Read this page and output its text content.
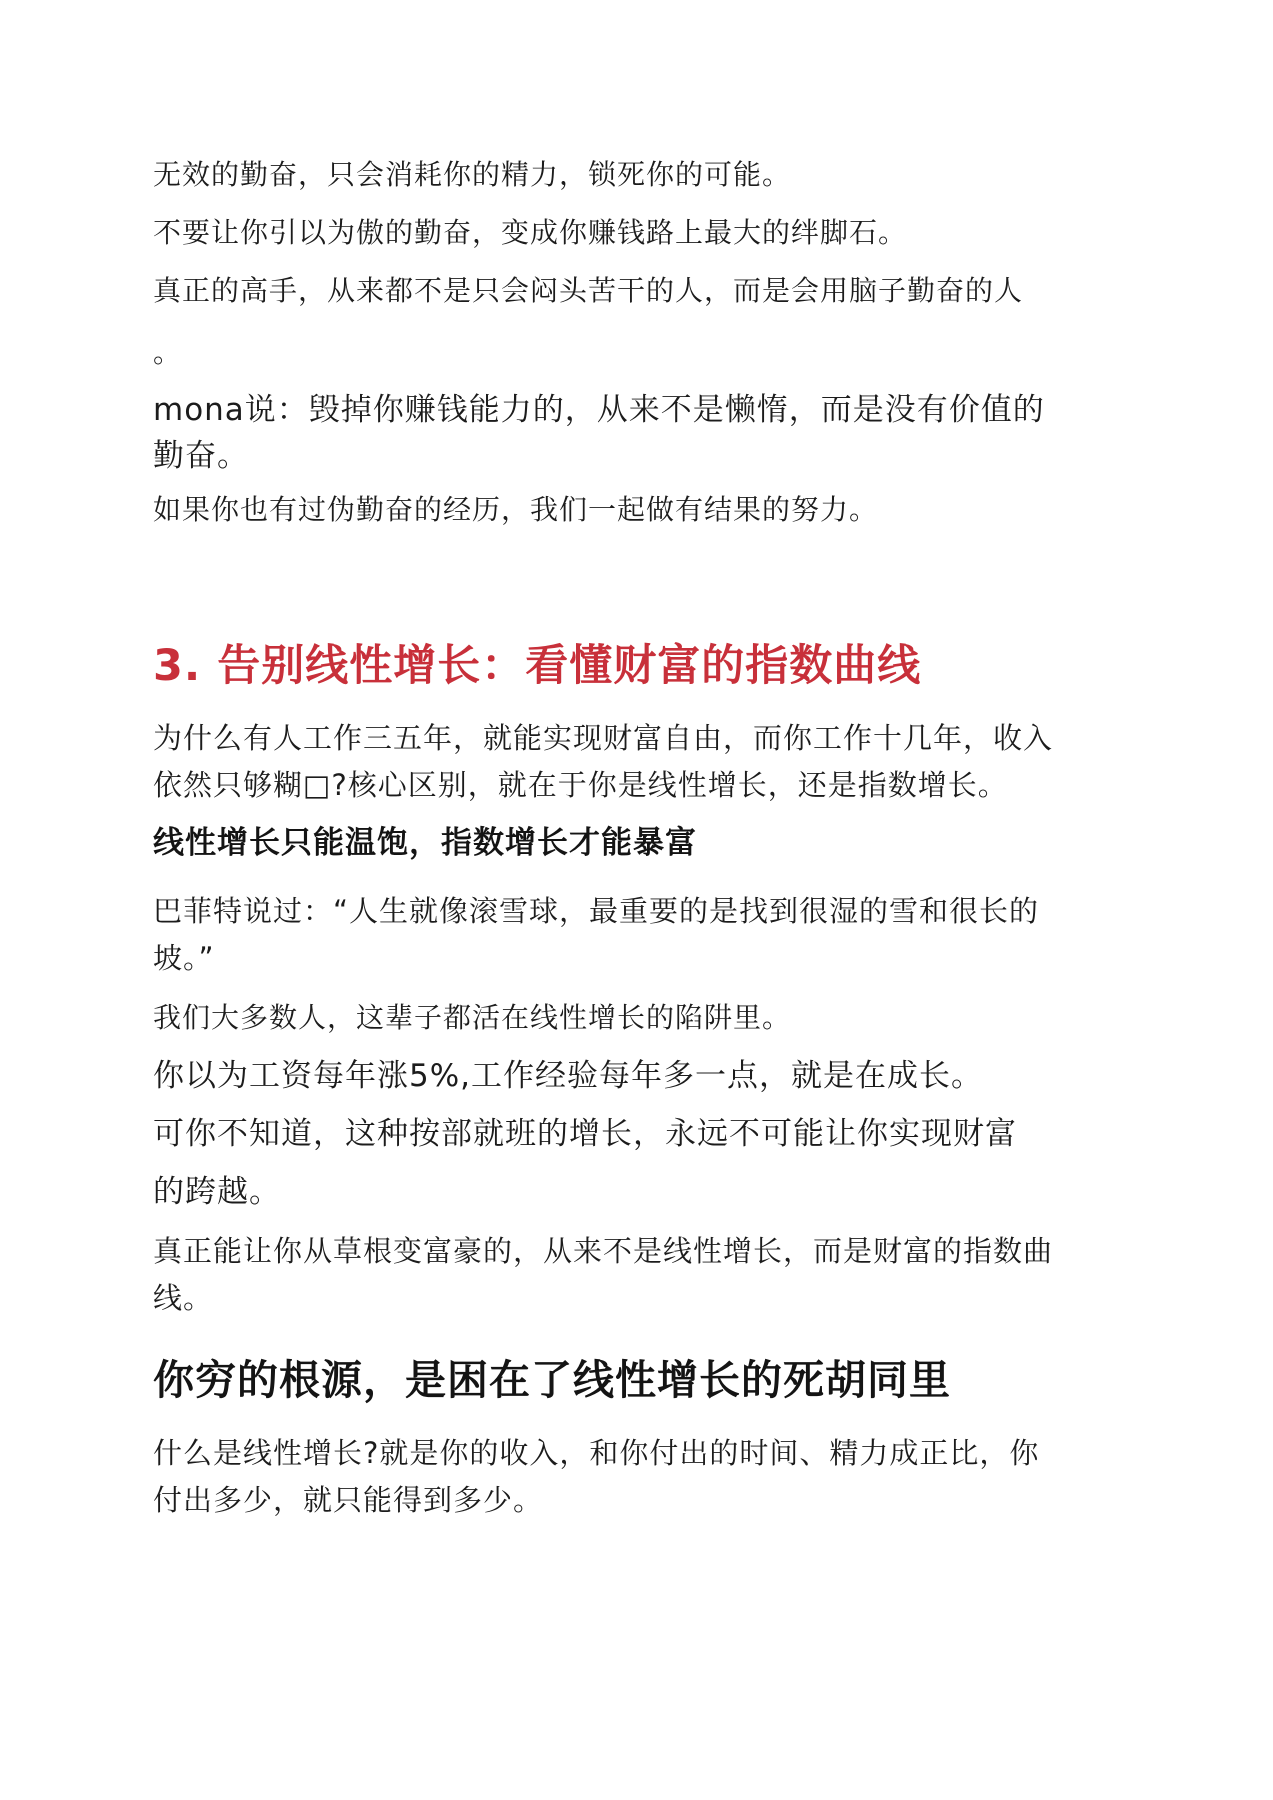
无效的勤奋，只会消耗你的精力，锁死你的可能。

不要让你引以为傲的勤奋，变成你赚钱路上最大的绊脚石。

真正的高手，从来都不是只会闷头苦干的人，而是会用脑子勤奋的人

。

mona说：毁掉你赚钱能力的，从来不是懒惰，而是没有价值的

勤奋。

如果你也有过伪勤奋的经历，我们一起做有结果的努力。

3. 告别线性增长：看懂财富的指数曲线

为什么有人工作三五年，就能实现财富自由，而你工作十几年，收入

依然只够糊□?核心区别，就在于你是线性增长，还是指数增长。

线性增长只能温饱，指数增长才能暴富

巴菲特说过：“人生就像滚雪球，最重要的是找到很湿的雪和很长的

坡。”

我们大多数人，这辈子都活在线性增长的陷阱里。

你以为工资每年涨5%,工作经验每年多一点，就是在成长。

可你不知道，这种按部就班的增长，永远不可能让你实现财富

的跨越。

真正能让你从草根变富豪的，从来不是线性增长，而是财富的指数曲

线。

你穷的根源，是困在了线性增长的死胡同里

什么是线性增长?就是你的收入，和你付出的时间、精力成正比，你

付出多少，就只能得到多少。
